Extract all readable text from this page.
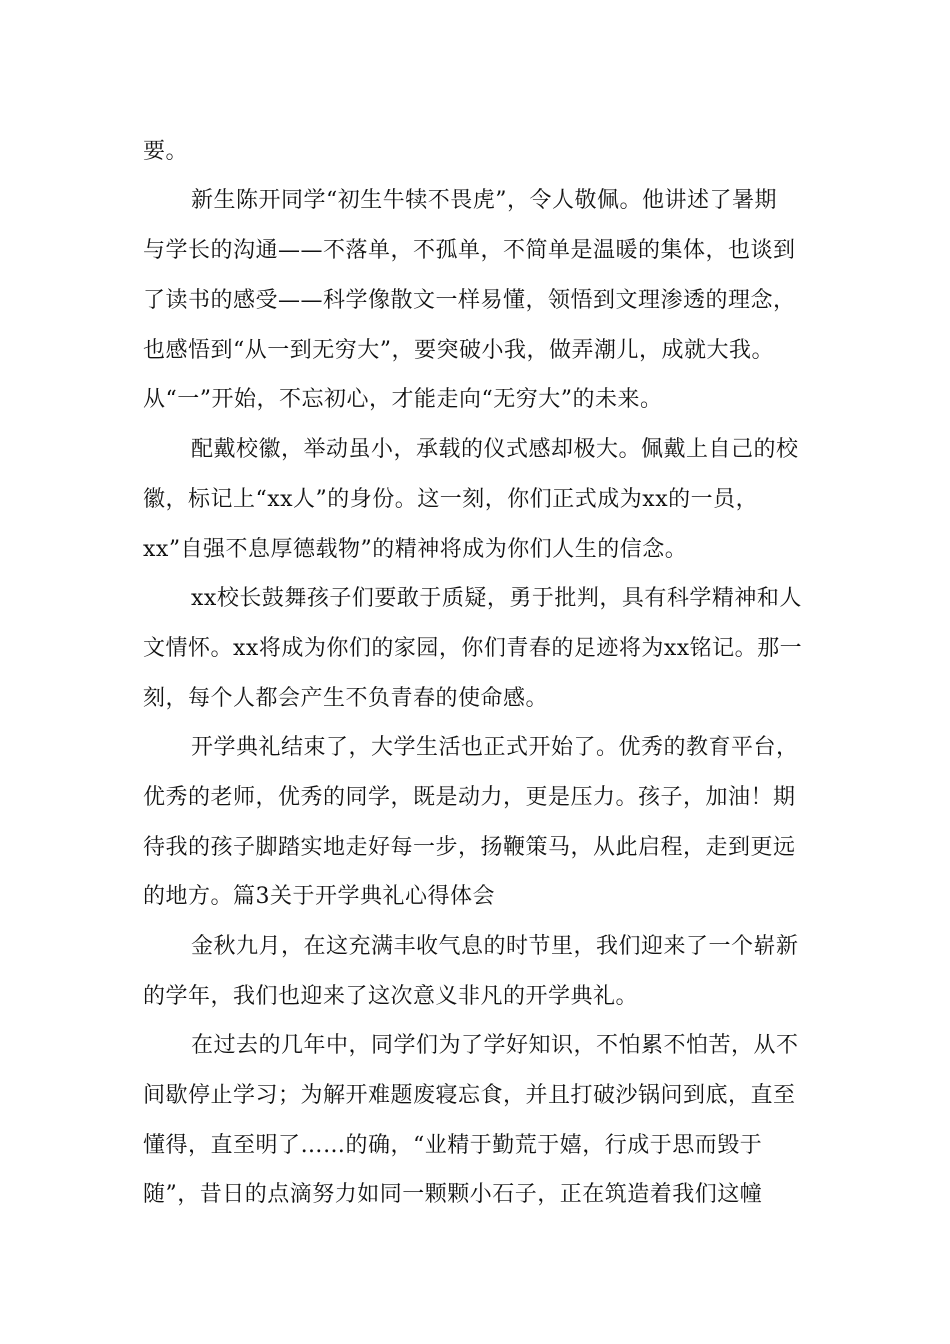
要。

新生陈开同学“初生牛犊不畏虎”，令人敬佩。他讲述了暑期

与学长的沟通——不落单，不孤单，不简单是温暖的集体，也谈到

了读书的感受——科学像散文一样易懂，领悟到文理渗透的理念，

也感悟到“从一到无穷大”，要突破小我，做弄潮儿，成就大我。

从“一”开始，不忘初心，才能走向“无穷大”的未来。

配戴校徽，举动虽小，承载的仪式感却极大。佩戴上自己的校

徽，标记上“xx人”的身份。这一刻，你们正式成为xx的一员，

xx”自强不息厚德载物”的精神将成为你们人生的信念。

xx校长鼓舞孩子们要敢于质疑，勇于批判，具有科学精神和人

文情怀。xx将成为你们的家园，你们青春的足迹将为xx铭记。那一

刻，每个人都会产生不负青春的使命感。

开学典礼结束了，大学生活也正式开始了。优秀的教育平台，

优秀的老师，优秀的同学，既是动力，更是压力。孩子，加油！期

待我的孩子脚踏实地走好每一步，扬鞭策马，从此启程，走到更远

的地方。篇3关于开学典礼心得体会

金秋九月，在这充满丰收气息的时节里，我们迎来了一个崭新

的学年，我们也迎来了这次意义非凡的开学典礼。

在过去的几年中，同学们为了学好知识，不怕累不怕苦，从不

间歇停止学习；为解开难题废寝忘食，并且打破沙锅问到底，直至

懂得，直至明了……的确，“业精于勤荒于嬉，行成于思而毁于

随”，昔日的点滴努力如同一颗颗小石子，正在筑造着我们这幢
